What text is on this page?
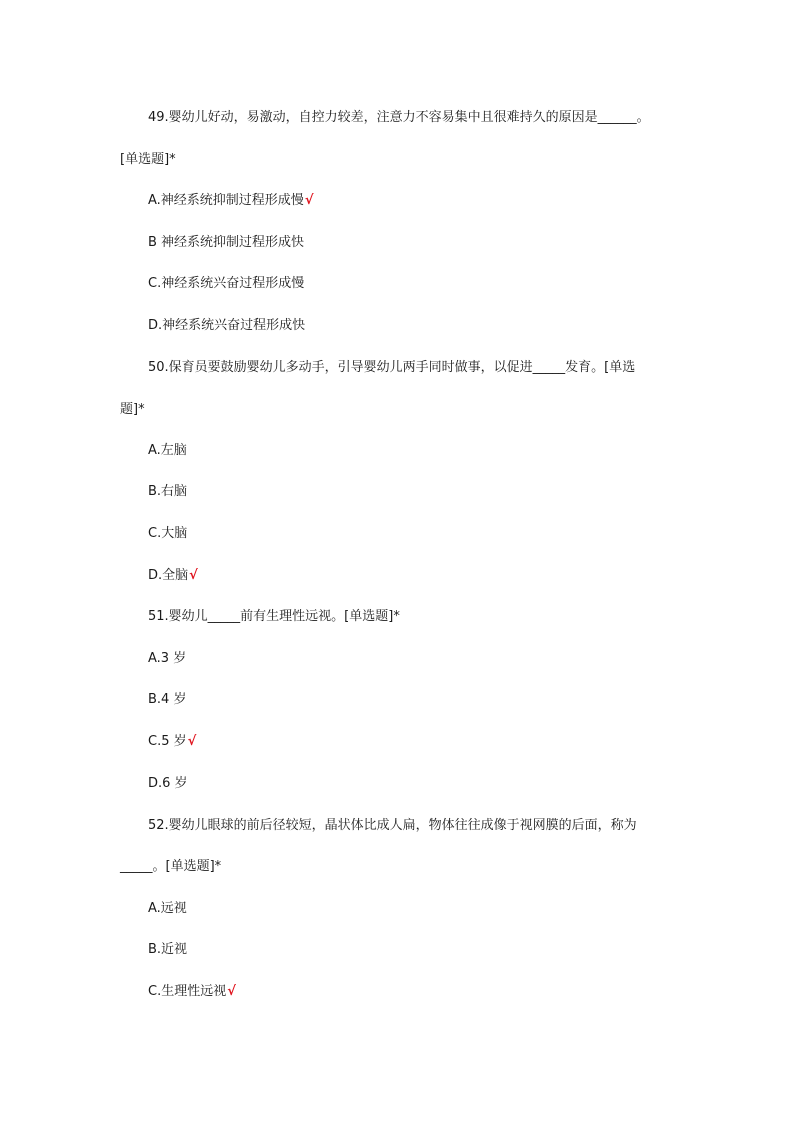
49.婴幼儿好动，易激动，自控力较差，注意力不容易集中且很难持久的原因是______。
[单选题]*
A.神经系统抑制过程形成慢√
B 神经系统抑制过程形成快
C.神经系统兴奋过程形成慢
D.神经系统兴奋过程形成快
50.保育员要鼓励婴幼儿多动手，引导婴幼儿两手同时做事，以促进_____发育。[单选
题]*
A.左脑
B.右脑
C.大脑
D.全脑√
51.婴幼儿_____前有生理性远视。[单选题]*
A.3 岁
B.4 岁
C.5 岁√
D.6 岁
52.婴幼儿眼球的前后径较短，晶状体比成人扁，物体往往成像于视网膜的后面，称为
_____。[单选题]*
A.远视
B.近视
C.生理性远视√
